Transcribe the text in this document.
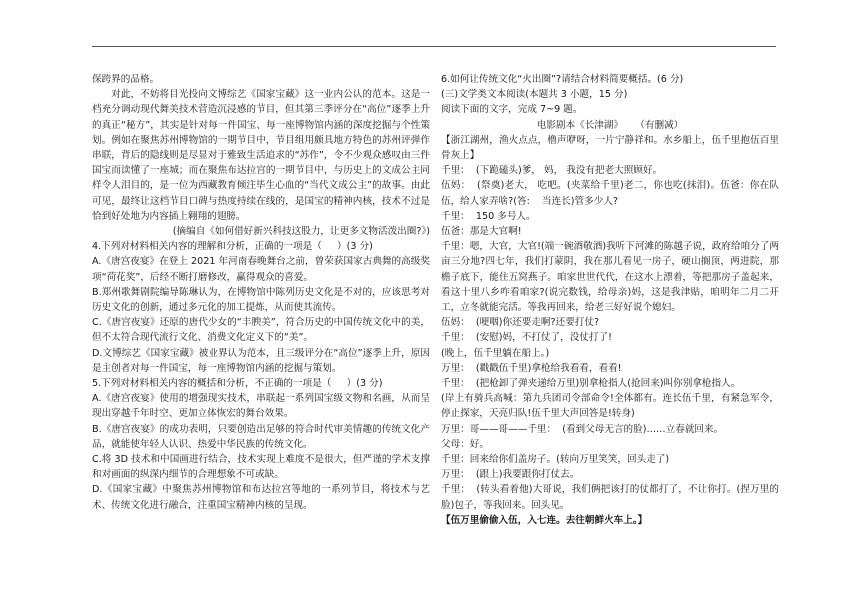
保跨界的品格。

对此，不妨将目光投向文博综艺《国家宝藏》这一业内公认的范本。这是一档充分调动现代舞美技术营造沉浸感的节目，但其第三季评分在“高位”逐季上升的真正“秘方”，其实是针对每一件国宝、每一座博物馆内涵的深度挖掘与个性策划。例如在聚焦苏州博物馆的一期节目中，节目组用颇具地方特色的苏州评弹作串联，背后的隐线则是尽显对于雅致生活追求的“苏作”，令不少观众感叹由三件国宝而读懂了一座城；而在聚焦布达拉宫的一期节目中，与历史上的文成公主同样令人泪目的，是一位为西藏教育倾注毕生心血的“当代文成公主”的故事。由此可见，最终让这档节目口碑与热度持续在线的，是国宝的精神内核，技术不过是恰到好处地为内容插上翱翔的翅膀。

(摘编自《如何借好新兴科技这股力，让更多文物活泼出圈?》)

4.下列对材料相关内容的理解和分析，正确的一项是（     ）(3 分)

A.《唐宫夜宴》在登上 2021 年河南春晚舞台之前，曾荣获国家古典舞的高级奖项“荷花奖”，后经不断打磨修改，赢得观众的喜爱。

B.郑州歌舞剧院编导陈琳认为，在博物馆中陈列历史文化是不对的，应该思考对历史文化的创新，通过多元化的加工提炼，从而使其流传。

C.《唐宫夜宴》还原的唐代少女的“丰腴美”，符合历史的中国传统文化中的美，但不太符合现代流行文化、消费文化定义下的“美”。

D.文博综艺《国家宝藏》被业界认为范本，且三级评分在“高位”逐季上升，原因是主创者对每一件国宝，每一座博物馆内涵的挖掘与策划。

5.下列对材料相关内容的概括和分析，不正确的一项是（     ）(3 分)

A.《唐宫夜宴》使用的增强现实技术，串联起一系列国宝级文物和名画，从而呈现出穿越千年时空、更加立体恢宏的舞台效果。

B.《唐宫夜宴》的成功表明，只要创造出足够的符合时代审美情趣的传统文化产品，就能使年轻人认识、热爱中华民族的传统文化。

C.将 3D 技术和中国画进行结合，技术实现上难度不是很大，但严谨的学术支撑和对画面的纵深内细节的合理想象不可或缺。

D.《国家宝藏》中聚焦苏州博物馆和布达拉宫等地的一系列节目，将技术与艺术、传统文化进行融合，注重国宝精神内核的呈现。

6.如何让传统文化“火出圈”?请结合材料简要概括。(6 分)

(三)文学类文本阅读(本题共 3 小题，15 分)

阅读下面的文字，完成 7~9 题。

电影剧本《长津湖》    （有删减）

【浙江湖州，渔火点点，橹声咿呀，一片宁静祥和。水乡船上，伍千里抱伍百里骨灰上】

千里：  (下跪磕头)爹， 妈， 我没有把老大照顾好。

伍妈：  (祭奠)老大， 吃吧。(夹菜给千里)老二，你也吃(抹泪)。伍爸：你在队伍，给人家弄啥?(答:    当连长)管多少人?

千里：  150 多号人。

伍爸：那是大官啊!

千里：嗯，大官，大官!(端一碗酒敬酒)我听下河滩的陈越子说，政府给咱分了两亩三分地?四七年，我们打蒙阴，我在那儿看见一房子，硬山搁顶，两进院，那檐子底下，能住五窝燕子。咱家世世代代，在这水上漂着，等把那房子盖起来，看这十里八乡咋看咱家?(说完数钱，给母亲)妈，这是我津贴，咱明年二月二开工，立冬就能完活。等我再回来，给老三好好说个媳妇。

伍妈：  (哽咽)你还要走啊?还要打仗?

千里：  (安慰)妈，不打仗了，没仗打了!

(晚上，伍千里躺在船上。)

万里：  (戳戳伍千里)拿枪给我看看，看看!

千里：  (把枪卸了弹夹递给万里)别拿枪指人(抢回来)叫你别拿枪指人。

(岸上有骑兵高喊：第九兵团司令部命令!全体都有。连长伍千里，有紧急军令，停止探家，天亮归队!伍千里大声回答是!转身)

万里：哥——哥——千里：  (看到父母无言的脸)……立春就回来。

父母：好。

千里：回来给你们盖房子。(转向万里笑笑，回头走了)

万里：  (跟上)我要跟你打仗去。

千里：  (转头看着他)大哥说，我们俩把该打的仗都打了，不让你打。(捏万里的脸)包子，等我回来。回头见。

【伍万里偷偷入伍，入七连。去往朝鲜火车上。】
